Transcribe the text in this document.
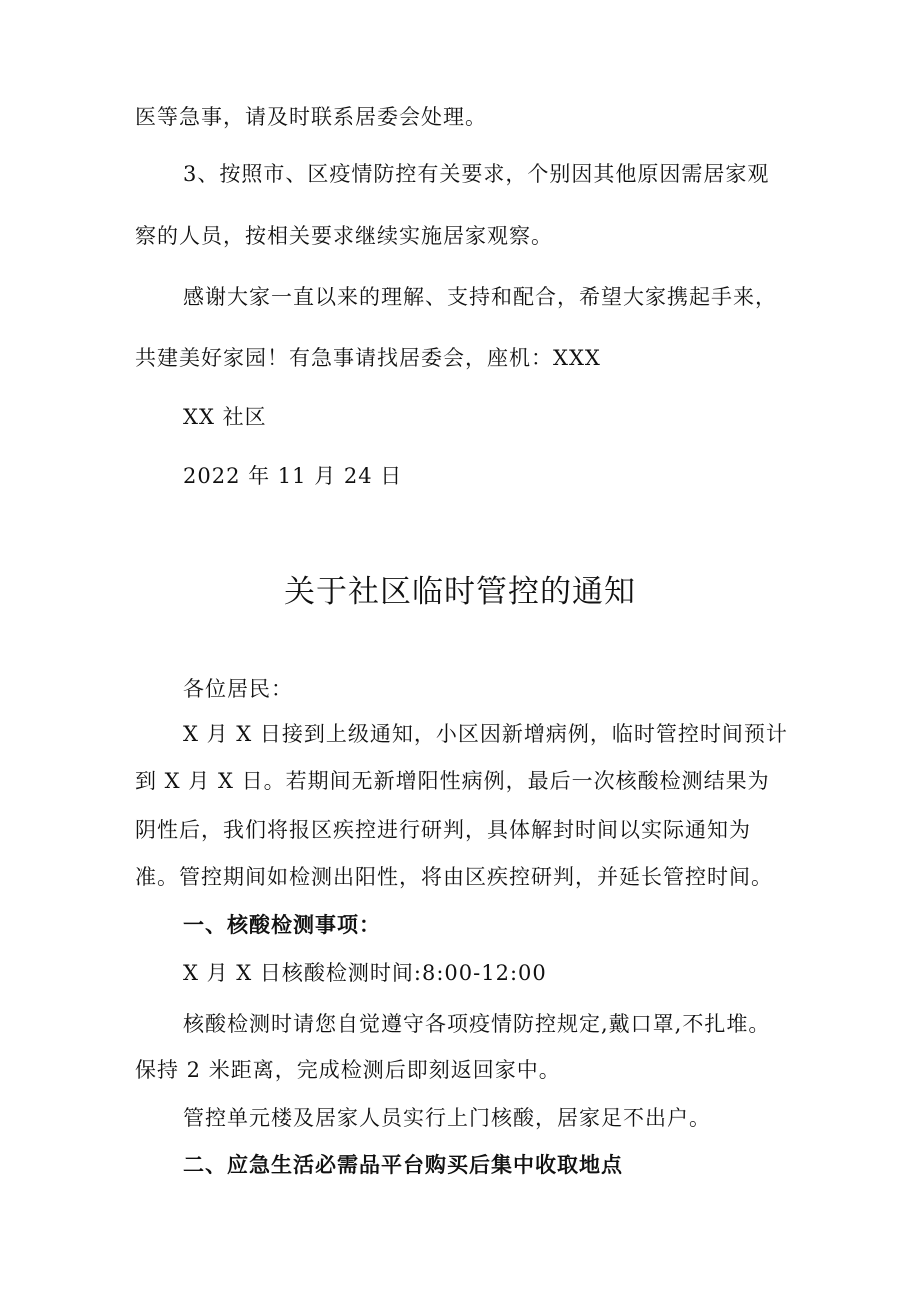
医等急事，请及时联系居委会处理。
3、按照市、区疫情防控有关要求，个别因其他原因需居家观
察的人员，按相关要求继续实施居家观察。
感谢大家一直以来的理解、支持和配合，希望大家携起手来，
共建美好家园！有急事请找居委会，座机：XXX
XX 社区
2022 年 11 月 24 日
关于社区临时管控的通知
各位居民：
X 月 X 日接到上级通知，小区因新增病例，临时管控时间预计
到 X 月 X 日。若期间无新增阳性病例，最后一次核酸检测结果为
阴性后，我们将报区疾控进行研判，具体解封时间以实际通知为
准。管控期间如检测出阳性，将由区疾控研判，并延长管控时间。
一、核酸检测事项：
X 月 X 日核酸检测时间:8:00-12:00
核酸检测时请您自觉遵守各项疫情防控规定,戴口罩,不扎堆。
保持 2 米距离，完成检测后即刻返回家中。
管控单元楼及居家人员实行上门核酸，居家足不出户。
二、应急生活必需品平台购买后集中收取地点
